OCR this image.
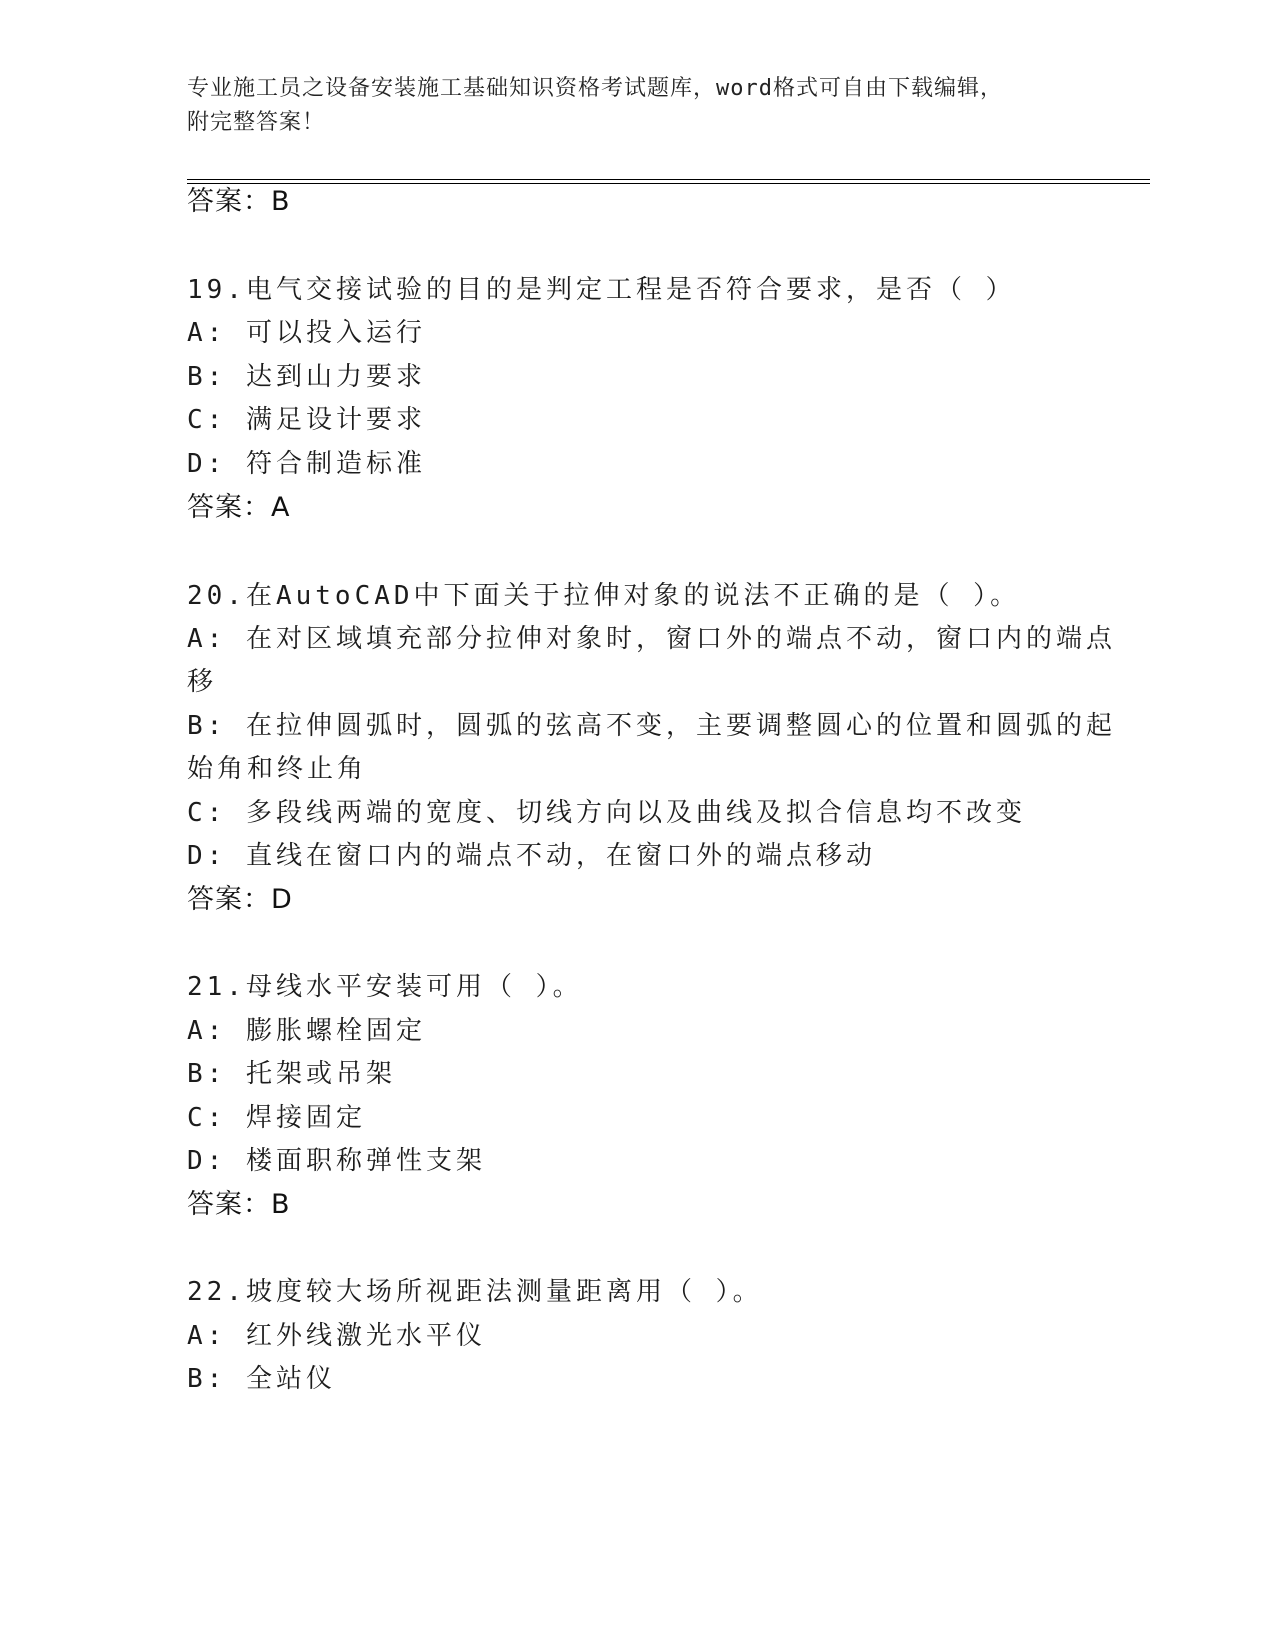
专业施工员之设备安装施工基础知识资格考试题库，word格式可自由下载编辑，
附完整答案！
答案：B
19.电气交接试验的目的是判定工程是否符合要求，是否（ ）
A: 可以投入运行
B: 达到山力要求
C: 满足设计要求
D: 符合制造标准
答案：A
20.在AutoCAD中下面关于拉伸对象的说法不正确的是（ ）。
A: 在对区域填充部分拉伸对象时，窗口外的端点不动，窗口内的端点
移
B: 在拉伸圆弧时，圆弧的弦高不变，主要调整圆心的位置和圆弧的起
始角和终止角
C: 多段线两端的宽度、切线方向以及曲线及拟合信息均不改变
D: 直线在窗口内的端点不动，在窗口外的端点移动
答案：D
21.母线水平安装可用（ ）。
A: 膨胀螺栓固定
B: 托架或吊架
C: 焊接固定
D: 楼面职称弹性支架
答案：B
22.坡度较大场所视距法测量距离用（ ）。
A: 红外线激光水平仪
B: 全站仪
